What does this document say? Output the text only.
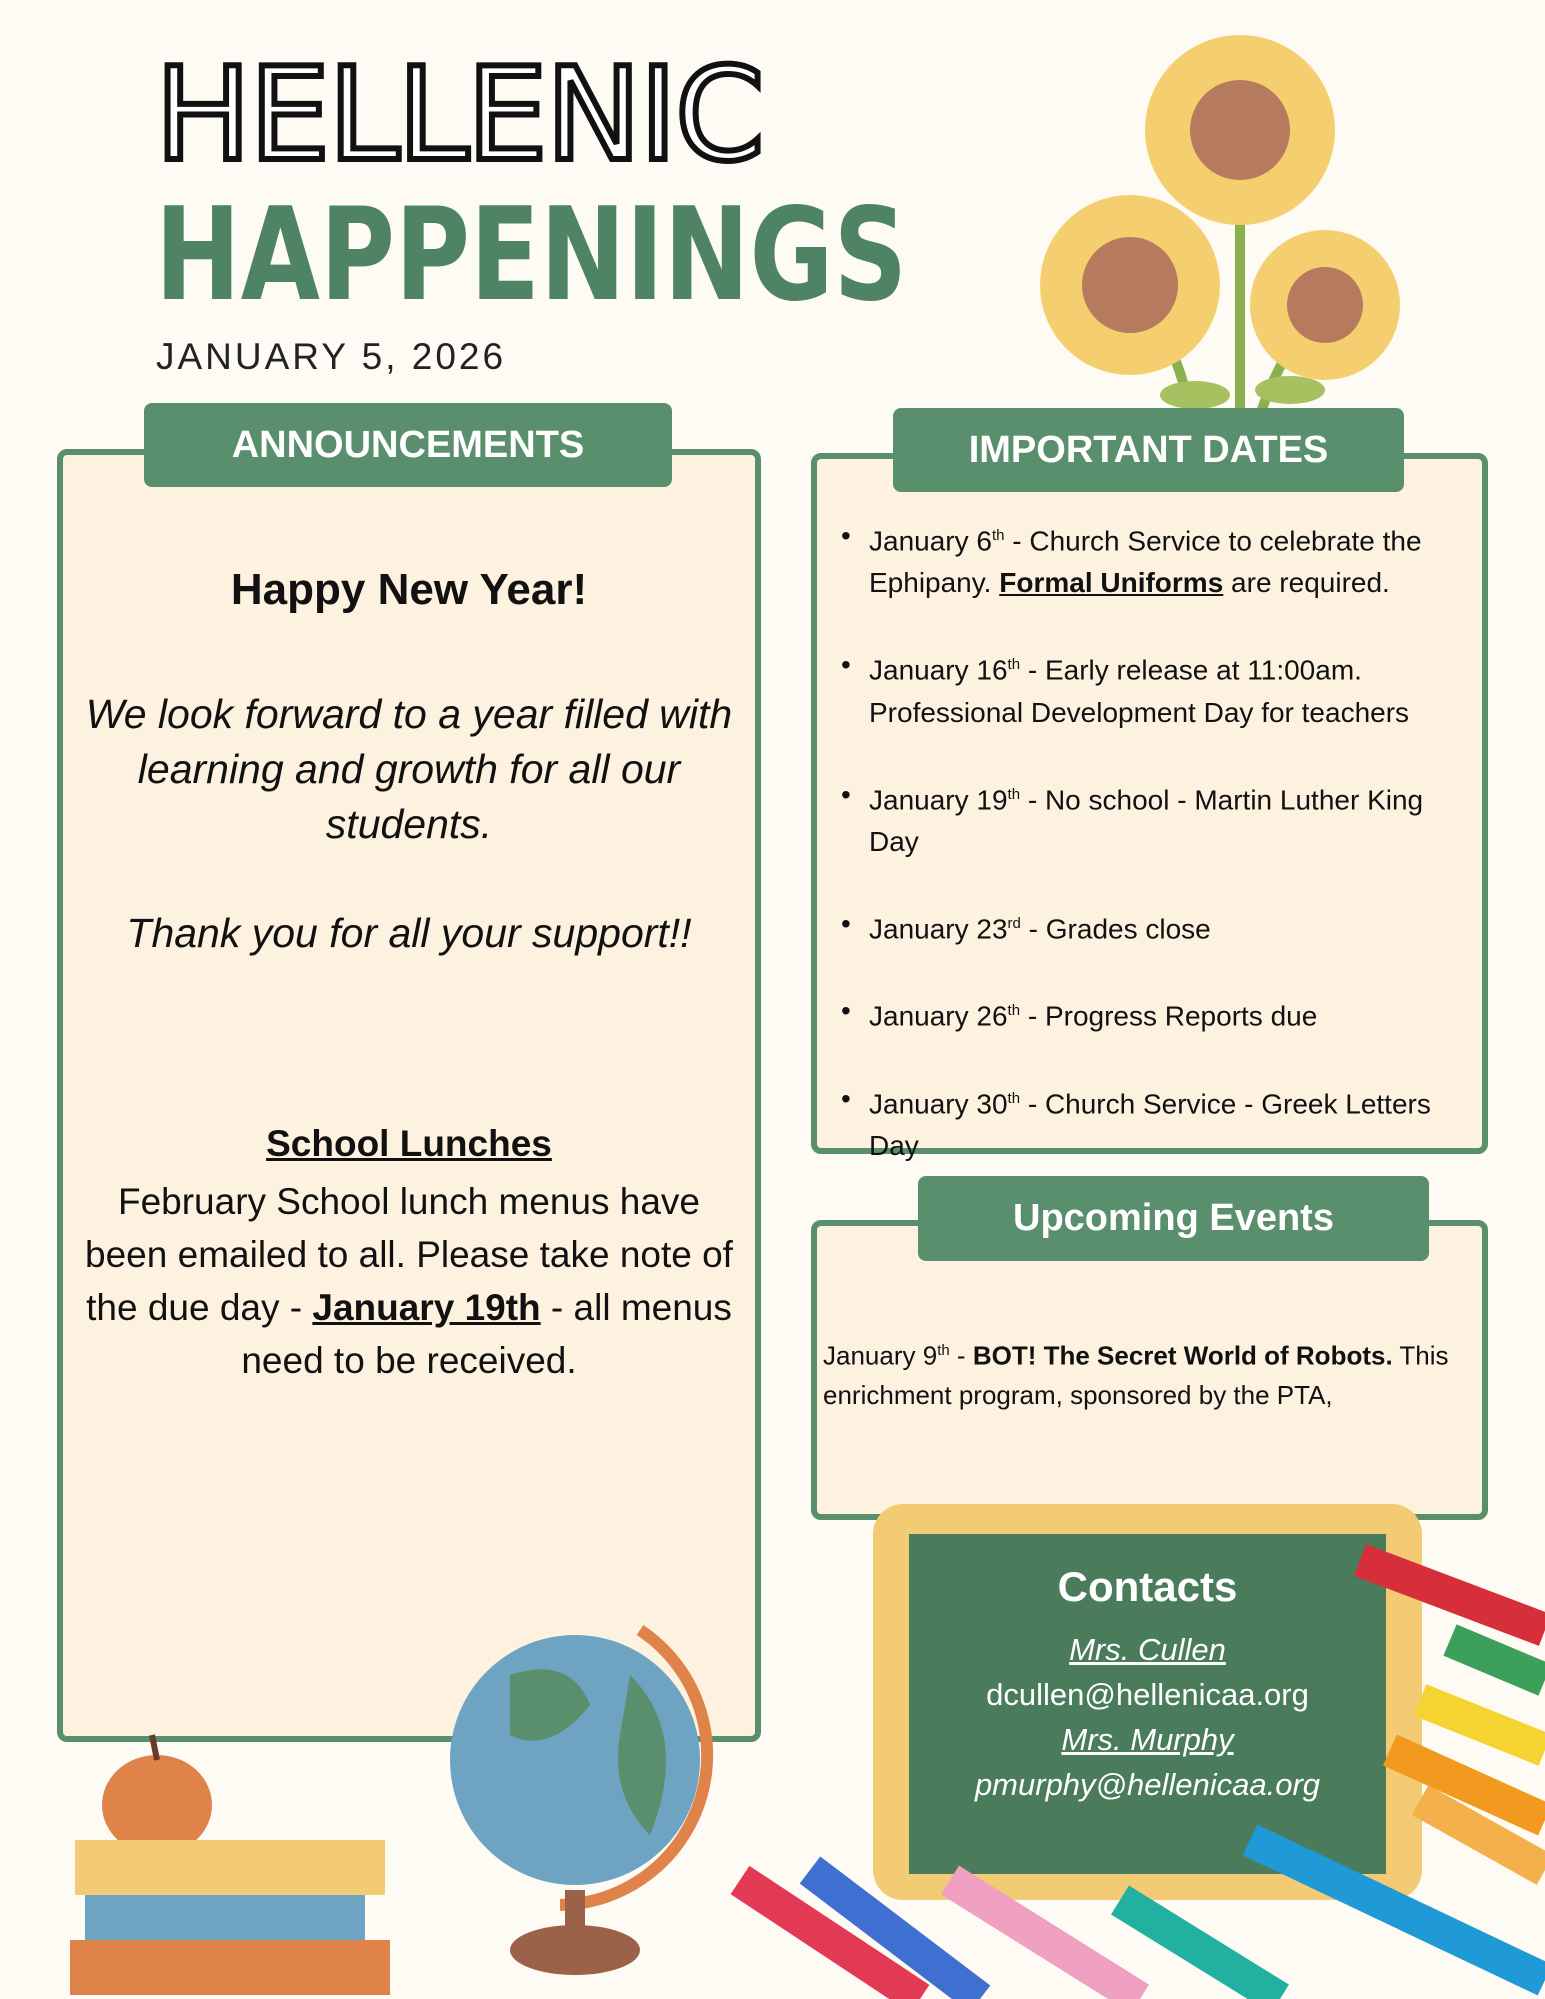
HELLENIC
HAPPENINGS
JANUARY 5, 2026
Happy New Year!
We look forward to a year filled with
learning and growth for all our
students.
Thank you for all your support!!
School Lunches
February School lunch menus have
been emailed to all. Please take note of
the due day - January 19th - all menus
need to be received.
ANNOUNCEMENTS
• January 6th - Church Service to celebrate the Ephipany. Formal Uniforms are required.
• January 16th - Early release at 11:00am. Professional Development Day for teachers
• January 19th - No school - Martin Luther King Day
• January 23rd - Grades close
• January 26th - Progress Reports due
• January 30th - Church Service - Greek Letters Day
IMPORTANT DATES

January 9th - BOT! The Secret World of Robots. This enrichment program, sponsored by the PTA,

Upcoming Events
Contacts
Mrs. Cullen
dcullen@hellenicaa.org
Mrs. Murphy
pmurphy@hellenicaa.org
